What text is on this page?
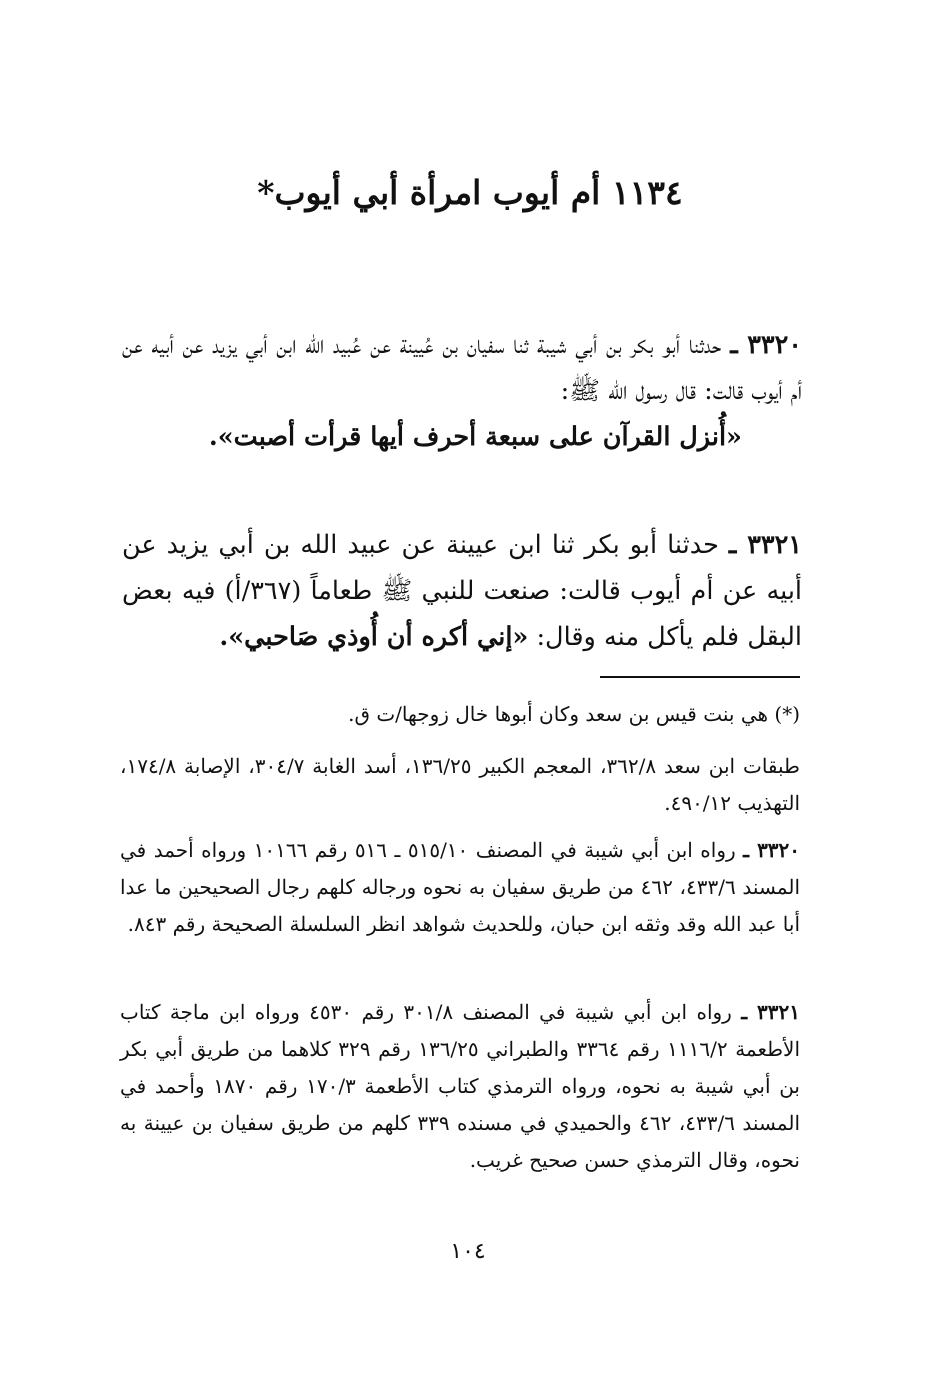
١١٣٤ أم أيوب امرأة أبي أيوب*
٣٣٢٠ ـ حدثنا أبو بكر بن أبي شيبة ثنا سفيان بن عُيينة عن عُبيد الله ابن أبي يزيد عن أبيه عن أم أيوب قالت: قال رسول الله ﷺ:
«أُنزل القرآن على سبعة أحرف أيها قرأت أصبت».
٣٣٢١ ـ حدثنا أبو بكر ثنا ابن عيينة عن عبيد الله بن أبي يزيد عن أبيه عن أم أيوب قالت: صنعت للنبي ﷺ طعاماً (٣٦٧/أ) فيه بعض البقل فلم يأكل منه وقال: «إني أكره أن أُوذي صَاحبي».
(*) هي بنت قيس بن سعد وكان أبوها خال زوجها/ت ق.
طبقات ابن سعد ٣٦٢/٨، المعجم الكبير ١٣٦/٢٥، أسد الغابة ٣٠٤/٧، الإصابة ١٧٤/٨، التهذيب ٤٩٠/١٢.
٣٣٢٠ ـ رواه ابن أبي شيبة في المصنف ٥١٥/١٠ ـ ٥١٦ رقم ١٠١٦٦ ورواه أحمد في المسند ٤٣٣/٦، ٤٦٢ من طريق سفيان به نحوه ورجاله كلهم رجال الصحيحين ما عدا أبا عبد الله وقد وثقه ابن حبان، وللحديث شواهد انظر السلسلة الصحيحة رقم ٨٤٣.
٣٣٢١ ـ رواه ابن أبي شيبة في المصنف ٣٠١/٨ رقم ٤٥٣٠ ورواه ابن ماجة كتاب الأطعمة ١١١٦/٢ رقم ٣٣٦٤ والطبراني ١٣٦/٢٥ رقم ٣٢٩ كلاهما من طريق أبي بكر بن أبي شيبة به نحوه، ورواه الترمذي كتاب الأطعمة ١٧٠/٣ رقم ١٨٧٠ وأحمد في المسند ٤٣٣/٦، ٤٦٢ والحميدي في مسنده ٣٣٩ كلهم من طريق سفيان بن عيينة به نحوه، وقال الترمذي حسن صحيح غريب.
١٠٤
